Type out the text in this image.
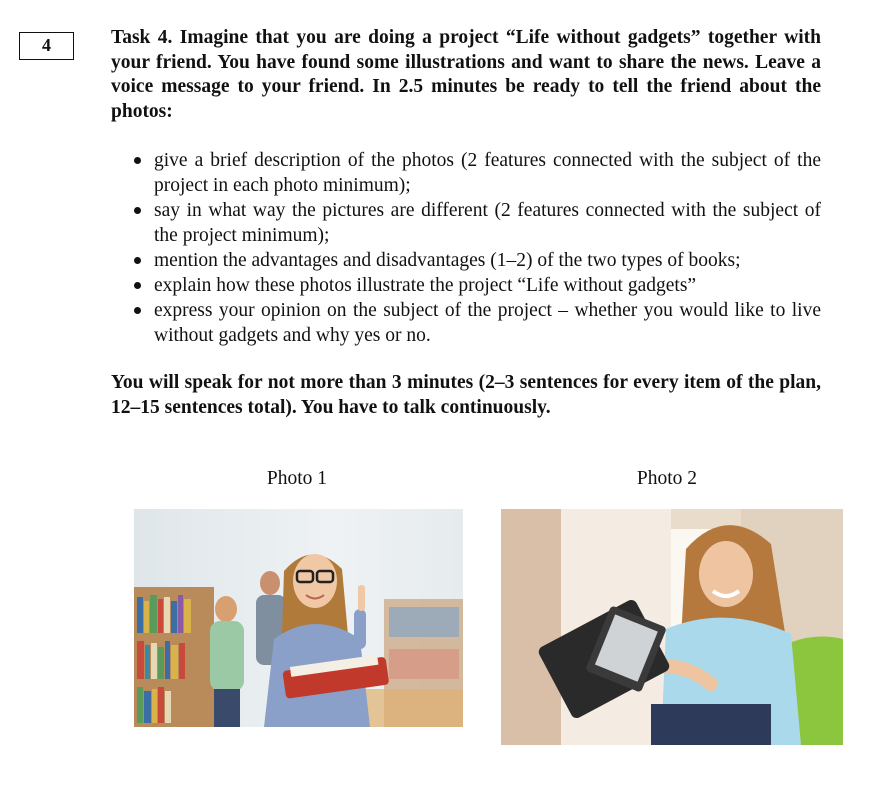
4	Task 4. Imagine that you are doing a project “Life without gadgets” together with your friend. You have found some illustrations and want to share the news. Leave a voice message to your friend. In 2.5 minutes be ready to tell the friend about the photos:

give a brief description of the photos (2 features connected with the subject of the project in each photo minimum);
say in what way the pictures are different (2 features connected with the subject of the project minimum);
mention the advantages and disadvantages (1–2) of the two types of books;
explain how these photos illustrate the project “Life without gadgets”
express your opinion on the subject of the project – whether you would like to live without gadgets and why yes or no.

You will speak for not more than 3 minutes (2–3 sentences for every item of the plan, 12–15 sentences total). You have to talk continuously.

Photo 1	Photo 2
